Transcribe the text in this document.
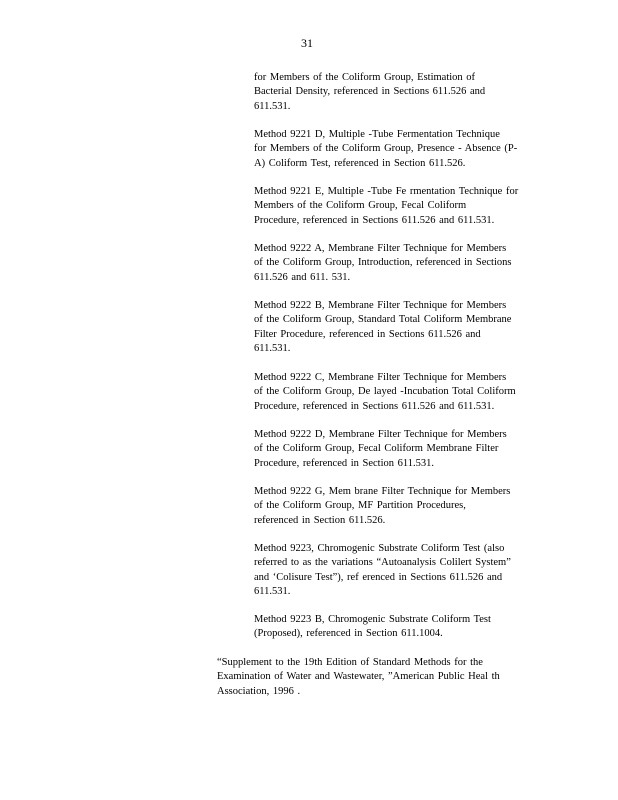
31
for Members of the Coliform Group, Estimation of
Bacterial Density, referenced in Sections 611.526 and
611.531.
Method 9221 D, Multiple -Tube Fermentation Technique
for Members of the Coliform Group, Presence - Absence (P-
A) Coliform Test, referenced in Section 611.526.
Method 9221 E, Multiple -Tube Fe rmentation Technique for
Members of the Coliform Group, Fecal Coliform
Procedure, referenced in Sections 611.526 and 611.531.
Method 9222 A, Membrane Filter Technique for Members
of the Coliform Group, Introduction, referenced in Sections
611.526 and 611. 531.
Method 9222 B, Membrane Filter Technique for Members
of the Coliform Group, Standard Total Coliform Membrane
Filter Procedure, referenced in Sections 611.526 and
611.531.
Method 9222 C, Membrane Filter Technique for Members
of the Coliform Group, De layed -Incubation Total Coliform
Procedure, referenced in Sections 611.526 and 611.531.
Method 9222 D, Membrane Filter Technique for Members
of the Coliform Group, Fecal Coliform Membrane Filter
Procedure, referenced in Section 611.531.
Method 9222 G, Mem brane Filter Technique for Members
of the Coliform Group, MF Partition Procedures,
referenced in Section 611.526.
Method 9223, Chromogenic Substrate Coliform Test (also
referred to as the variations “Autoanalysis Colilert System”
and ‘Colisure Test”), ref erenced in Sections 611.526 and
611.531.
Method 9223 B, Chromogenic Substrate Coliform Test
(Proposed), referenced in Section 611.1004.
“Supplement to the 19th Edition of Standard Methods for the
Examination of Water and Wastewater, ”American Public Heal th
Association, 1996 .
